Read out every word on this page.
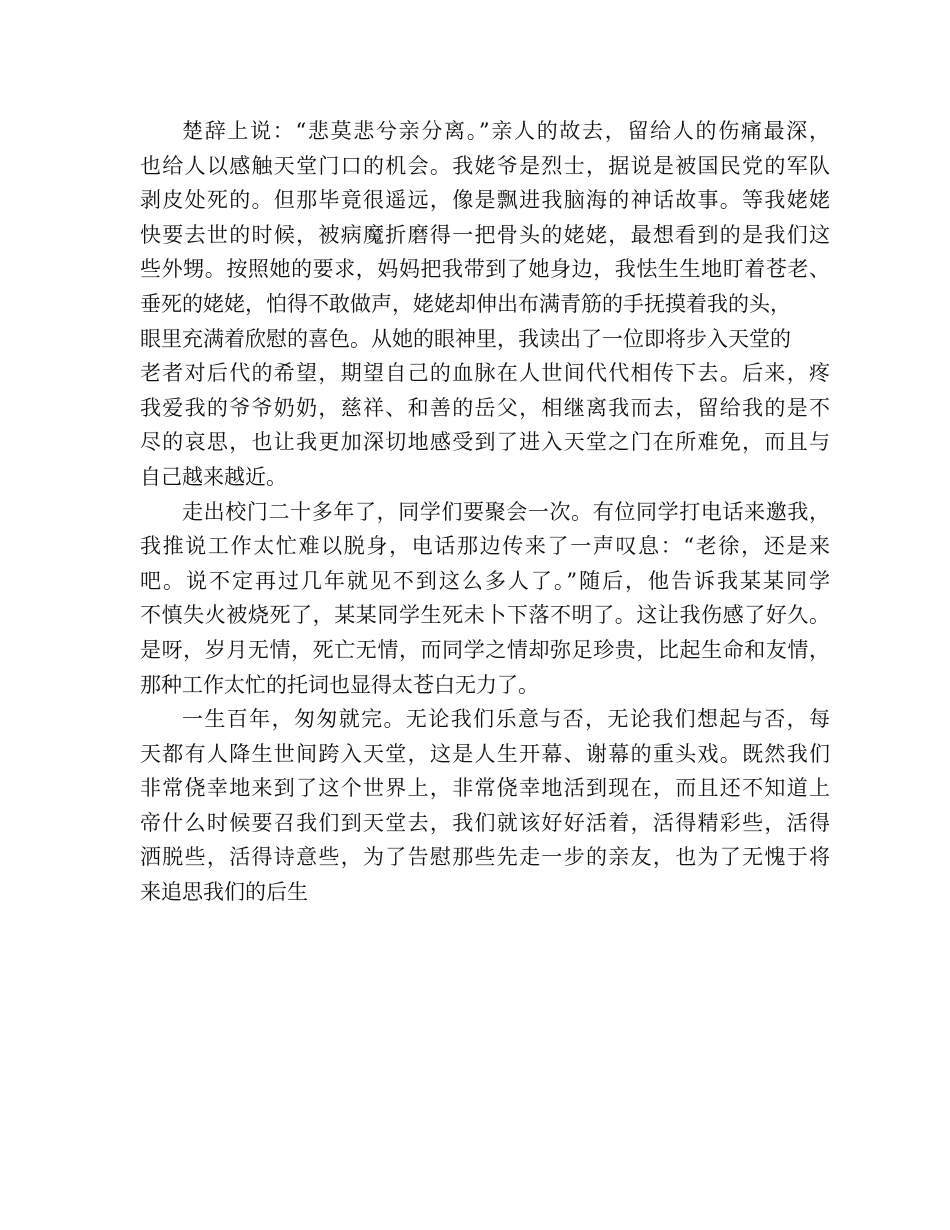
楚辞上说：“悲莫悲兮亲分离。”亲人的故去，留给人的伤痛最深，
也给人以感触天堂门口的机会。我姥爷是烈士，据说是被国民党的军队
剥皮处死的。但那毕竟很遥远，像是飘进我脑海的神话故事。等我姥姥
快要去世的时候，被病魔折磨得一把骨头的姥姥，最想看到的是我们这
些外甥。按照她的要求，妈妈把我带到了她身边，我怯生生地盯着苍老、
垂死的姥姥，怕得不敢做声，姥姥却伸出布满青筋的手抚摸着我的头，
眼里充满着欣慰的喜色。从她的眼神里，我读出了一位即将步入天堂的
老者对后代的希望，期望自己的血脉在人世间代代相传下去。后来，疼
我爱我的爷爷奶奶，慈祥、和善的岳父，相继离我而去，留给我的是不
尽的哀思，也让我更加深切地感受到了进入天堂之门在所难免，而且与
自己越来越近。
走出校门二十多年了，同学们要聚会一次。有位同学打电话来邀我，
我推说工作太忙难以脱身，电话那边传来了一声叹息：“老徐，还是来
吧。说不定再过几年就见不到这么多人了。”随后，他告诉我某某同学
不慎失火被烧死了，某某同学生死未卜下落不明了。这让我伤感了好久。
是呀，岁月无情，死亡无情，而同学之情却弥足珍贵，比起生命和友情，
那种工作太忙的托词也显得太苍白无力了。
一生百年，匆匆就完。无论我们乐意与否，无论我们想起与否，每
天都有人降生世间跨入天堂，这是人生开幕、谢幕的重头戏。既然我们
非常侥幸地来到了这个世界上，非常侥幸地活到现在，而且还不知道上
帝什么时候要召我们到天堂去，我们就该好好活着，活得精彩些，活得
洒脱些，活得诗意些，为了告慰那些先走一步的亲友，也为了无愧于将
来追思我们的后生
